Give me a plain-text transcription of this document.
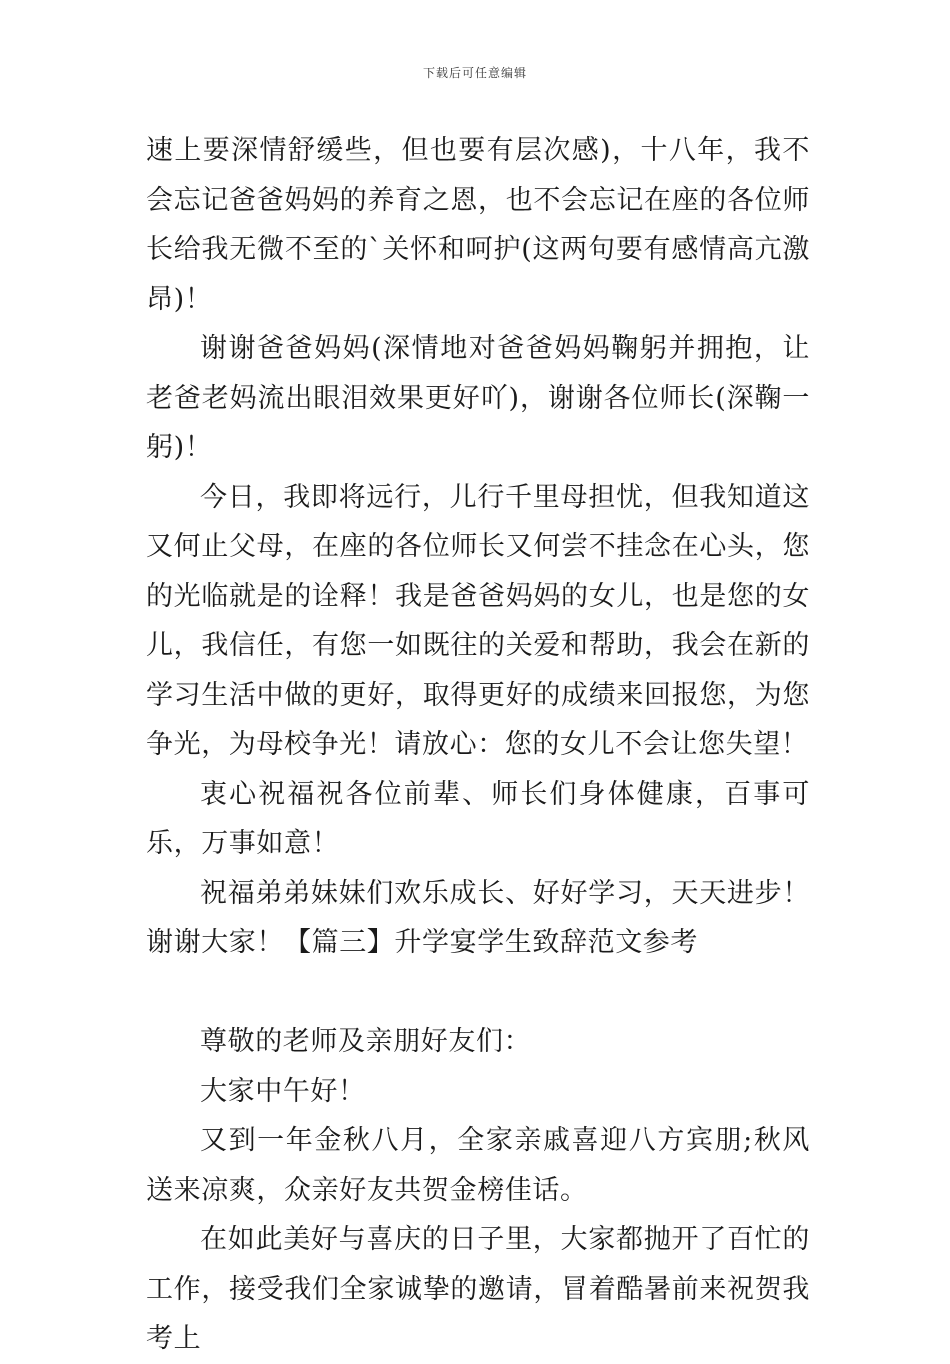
下载后可任意编辑

速上要深情舒缓些，但也要有层次感)，十八年，我不会忘记爸爸妈妈的养育之恩，也不会忘记在座的各位师长给我无微不至的`关怀和呵护(这两句要有感情高亢激昂)！

谢谢爸爸妈妈(深情地对爸爸妈妈鞠躬并拥抱，让老爸老妈流出眼泪效果更好吖)，谢谢各位师长(深鞠一躬)！

今日，我即将远行，儿行千里母担忧，但我知道这又何止父母，在座的各位师长又何尝不挂念在心头，您的光临就是的诠释！我是爸爸妈妈的女儿，也是您的女儿，我信任，有您一如既往的关爱和帮助，我会在新的学习生活中做的更好，取得更好的成绩来回报您，为您争光，为母校争光！请放心：您的女儿不会让您失望！

衷心祝福祝各位前辈、师长们身体健康，百事可乐，万事如意！

祝福弟弟妹妹们欢乐成长、好好学习，天天进步！谢谢大家！【篇三】升学宴学生致辞范文参考

尊敬的老师及亲朋好友们：

大家中午好！

又到一年金秋八月，全家亲戚喜迎八方宾朋;秋风送来凉爽，众亲好友共贺金榜佳话。

在如此美好与喜庆的日子里，大家都抛开了百忙的工作，接受我们全家诚挚的邀请，冒着酷暑前来祝贺我考上
